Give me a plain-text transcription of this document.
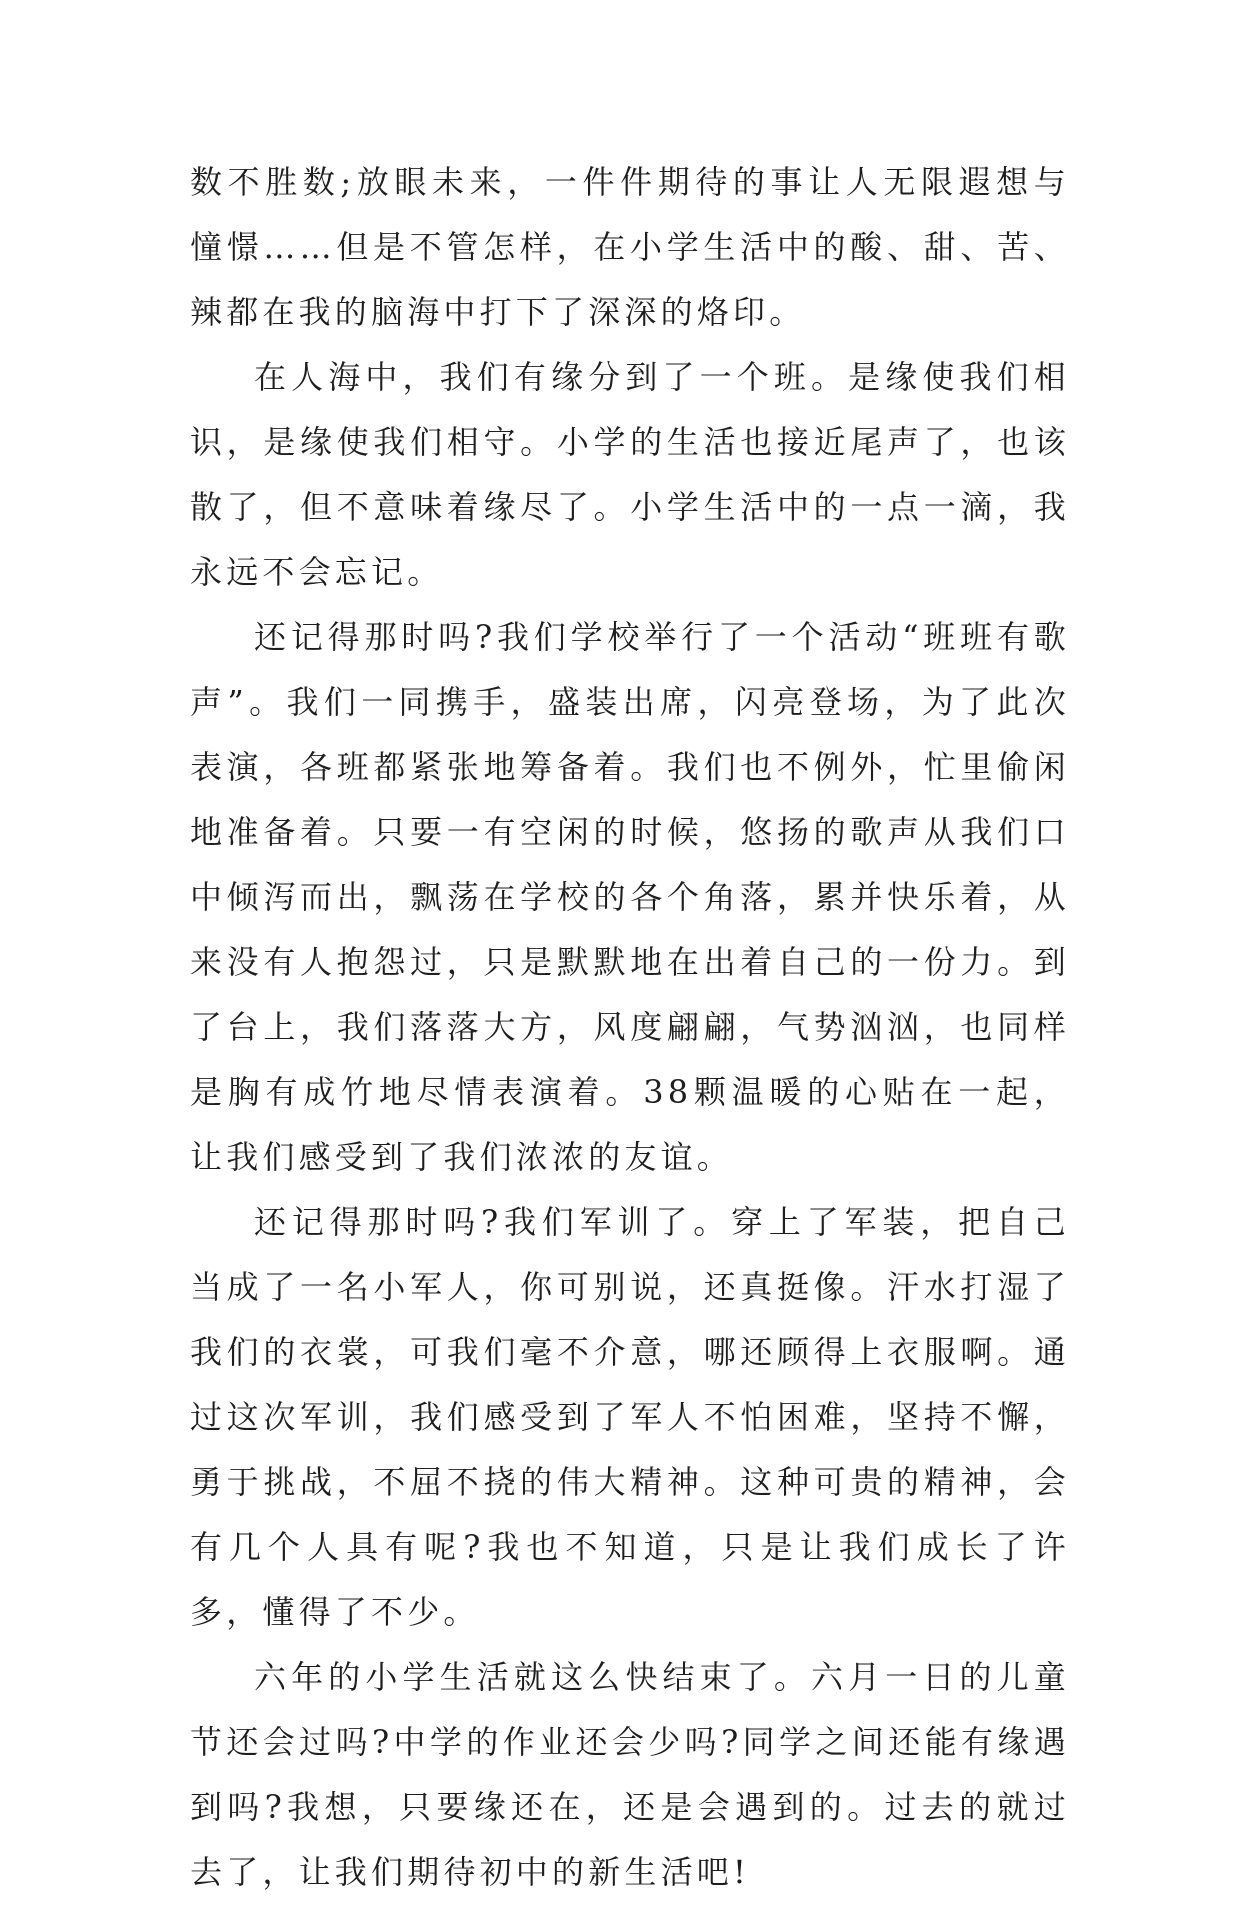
数不胜数;放眼未来，一件件期待的事让人无限遐想与憧憬……但是不管怎样，在小学生活中的酸、甜、苦、辣都在我的脑海中打下了深深的烙印。

在人海中，我们有缘分到了一个班。是缘使我们相识，是缘使我们相守。小学的生活也接近尾声了，也该散了，但不意味着缘尽了。小学生活中的一点一滴，我永远不会忘记。

还记得那时吗?我们学校举行了一个活动“班班有歌声”。我们一同携手，盛装出席，闪亮登场，为了此次表演，各班都紧张地筹备着。我们也不例外，忙里偷闲地准备着。只要一有空闲的时候，悠扬的歌声从我们口中倾泻而出，飘荡在学校的各个角落，累并快乐着，从来没有人抱怨过，只是默默地在出着自己的一份力。到了台上，我们落落大方，风度翩翩，气势汹汹，也同样是胸有成竹地尽情表演着。38颗温暖的心贴在一起，让我们感受到了我们浓浓的友谊。

还记得那时吗?我们军训了。穿上了军装，把自己当成了一名小军人，你可别说，还真挺像。汗水打湿了我们的衣裳，可我们毫不介意，哪还顾得上衣服啊。通过这次军训，我们感受到了军人不怕困难，坚持不懈，勇于挑战，不屈不挠的伟大精神。这种可贵的精神，会有几个人具有呢?我也不知道，只是让我们成长了许多，懂得了不少。

六年的小学生活就这么快结束了。六月一日的儿童节还会过吗?中学的作业还会少吗?同学之间还能有缘遇到吗?我想，只要缘还在，还是会遇到的。过去的就过去了，让我们期待初中的新生活吧!
